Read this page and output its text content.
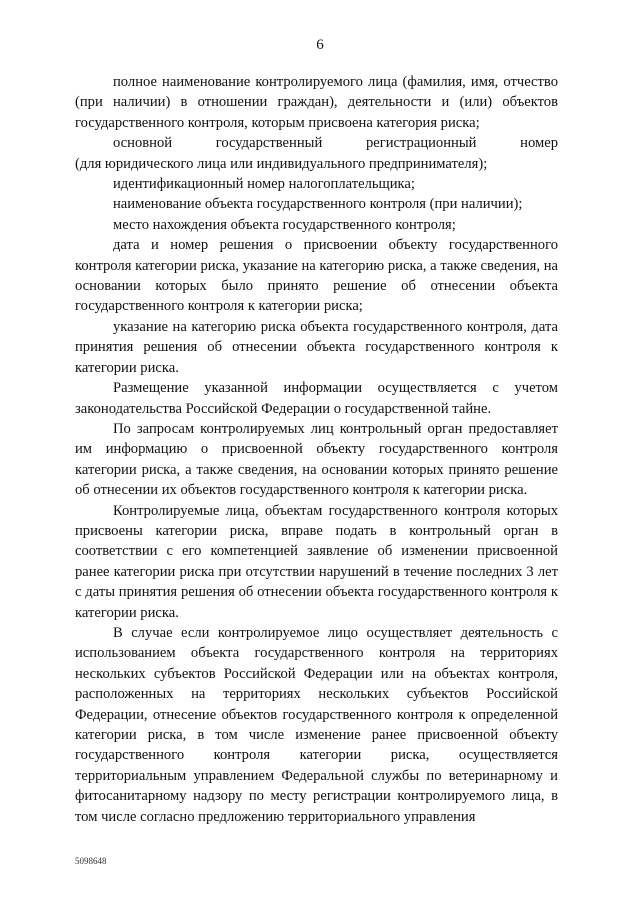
6

полное наименование контролируемого лица (фамилия, имя, отчество (при наличии) в отношении граждан), деятельности и (или) объектов государственного контроля, которым присвоена категория риска;

основной государственный регистрационный номер

(для юридического лица или индивидуального предпринимателя);

идентификационный номер налогоплательщика;

наименование объекта государственного контроля (при наличии);

место нахождения объекта государственного контроля;

дата и номер решения о присвоении объекту государственного контроля категории риска, указание на категорию риска, а также сведения, на основании которых было принято решение об отнесении объекта государственного контроля к категории риска;

указание на категорию риска объекта государственного контроля, дата принятия решения об отнесении объекта государственного контроля к категории риска.

Размещение указанной информации осуществляется с учетом законодательства Российской Федерации о государственной тайне.

По запросам контролируемых лиц контрольный орган предоставляет им информацию о присвоенной объекту государственного контроля категории риска, а также сведения, на основании которых принято решение об отнесении их объектов государственного контроля к категории риска.

Контролируемые лица, объектам государственного контроля которых присвоены категории риска, вправе подать в контрольный орган в соответствии с его компетенцией заявление об изменении присвоенной ранее категории риска при отсутствии нарушений в течение последних 3 лет с даты принятия решения об отнесении объекта государственного контроля к категории риска.

В случае если контролируемое лицо осуществляет деятельность с использованием объекта государственного контроля на территориях нескольких субъектов Российской Федерации или на объектах контроля, расположенных на территориях нескольких субъектов Российской Федерации, отнесение объектов государственного контроля к определенной категории риска, в том числе изменение ранее присвоенной объекту государственного контроля категории риска, осуществляется территориальным управлением Федеральной службы по ветеринарному и фитосанитарному надзору по месту регистрации контролируемого лица, в том числе согласно предложению территориального управления

5098648
